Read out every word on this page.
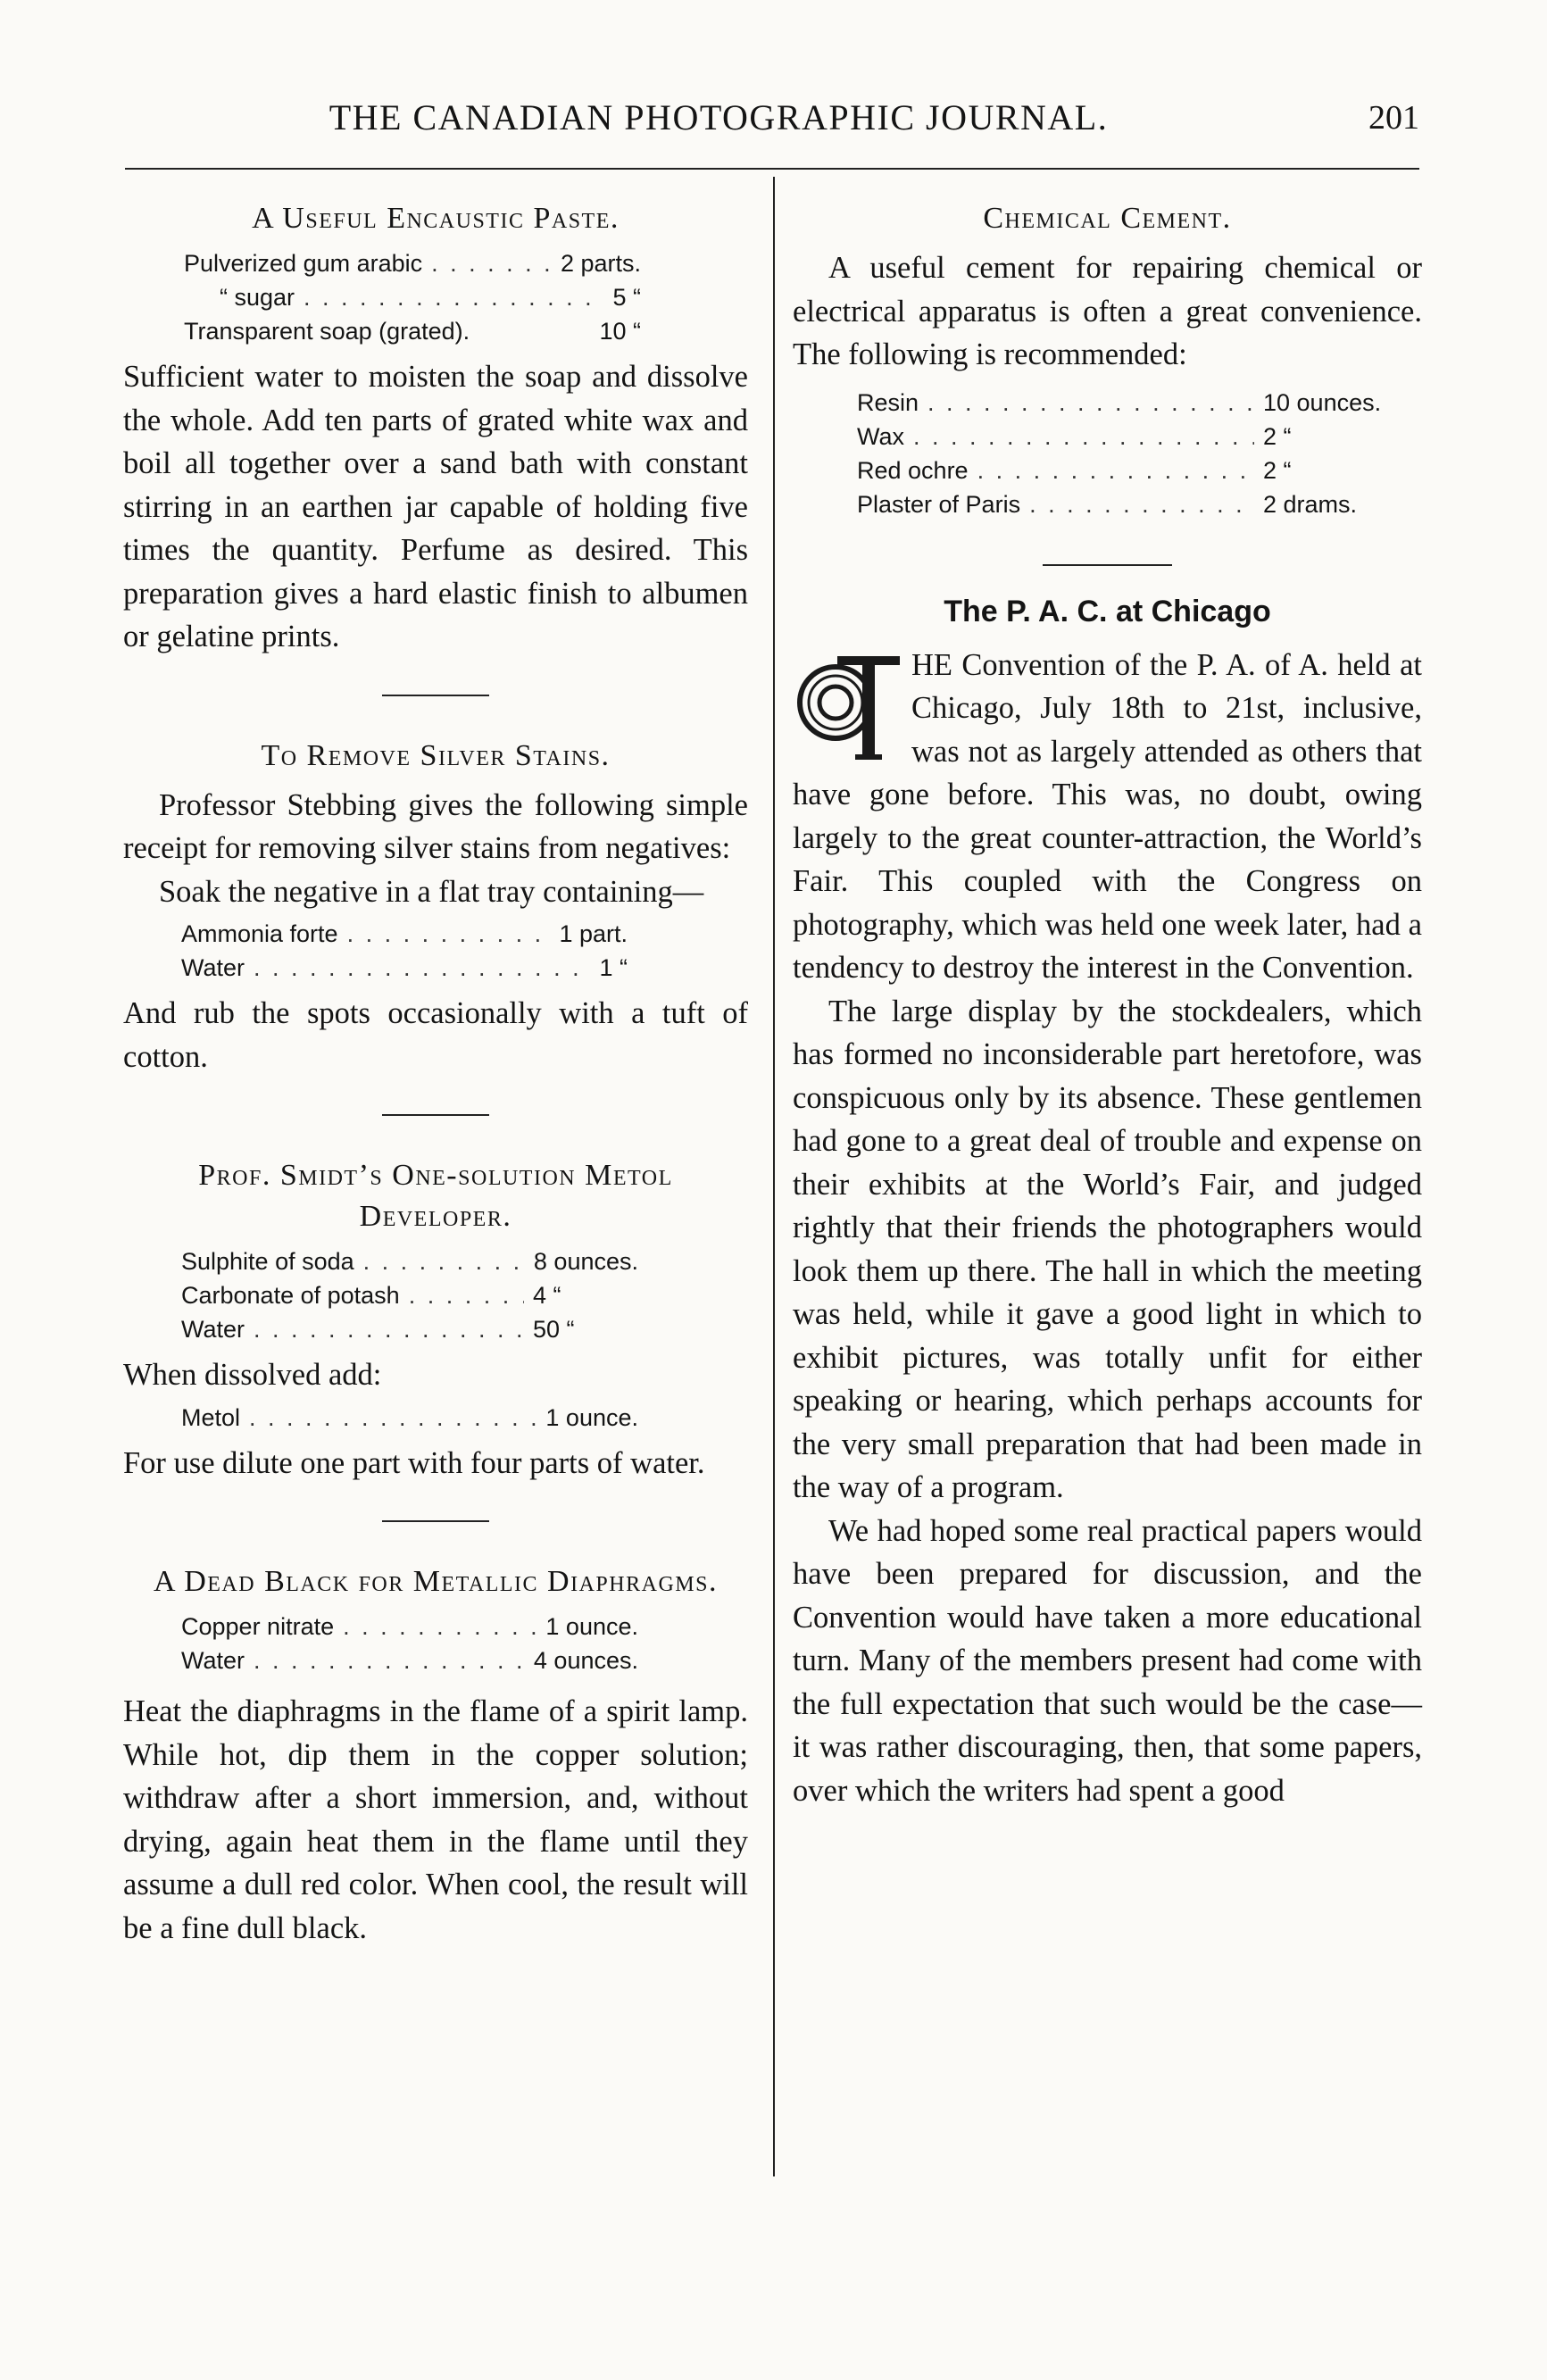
THE CANADIAN PHOTOGRAPHIC JOURNAL.	201
A Useful Encaustic Paste.
Pulverized gum arabic . . .	2 parts.
“ sugar . . .	5 “
Transparent soap (grated).	10 “

Sufficient water to moisten the soap and dissolve the whole. Add ten parts of grated white wax and boil all together over a sand bath with constant stirring in an earthen jar capable of holding five times the quantity. Perfume as desired. This preparation gives a hard elastic finish to albumen or gelatine prints.

To Remove Silver Stains.

Professor Stebbing gives the following simple receipt for removing silver stains from negatives:

Soak the negative in a flat tray containing—

Ammonia forte . . .	1 part.
Water . . .	1 “

And rub the spots occasionally with a tuft of cotton.

Prof. Smidt’s One-solution Metol Developer.
Sulphite of soda . . .	8 ounces.
Carbonate of potash . . .	4 “
Water . . .	50 “

When dissolved add:

Metol . . .	1 ounce.

For use dilute one part with four parts of water.

A Dead Black for Metallic Diaphragms.
Copper nitrate . . .	1 ounce.
Water . . .	4 ounces.

Heat the diaphragms in the flame of a spirit lamp. While hot, dip them in the copper solution; withdraw after a short immersion, and, without drying, again heat them in the flame until they assume a dull red color. When cool, the result will be a fine dull black.

Chemical Cement.

A useful cement for repairing chemical or electrical apparatus is often a great convenience. The following is recommended:

Resin . . .	10 ounces.
Wax . . .	2 “
Red ochre . . .	2 “
Plaster of Paris . . .	2 drams.
The P. A. C. at Chicago

HE Convention of the P. A. of A. held at Chicago, July 18th to 21st, inclusive, was not as largely attended as others that have gone before. This was, no doubt, owing largely to the great counter-attraction, the World’s Fair. This coupled with the Congress on photography, which was held one week later, had a tendency to destroy the interest in the Convention.

The large display by the stockdealers, which has formed no inconsiderable part heretofore, was conspicuous only by its absence. These gentlemen had gone to a great deal of trouble and expense on their exhibits at the World’s Fair, and judged rightly that their friends the photographers would look them up there. The hall in which the meeting was held, while it gave a good light in which to exhibit pictures, was totally unfit for either speaking or hearing, which perhaps accounts for the very small preparation that had been made in the way of a program.

We had hoped some real practical papers would have been prepared for discussion, and the Convention would have taken a more educational turn. Many of the members present had come with the full expectation that such would be the case—it was rather discouraging, then, that some papers, over which the writers had spent a good
